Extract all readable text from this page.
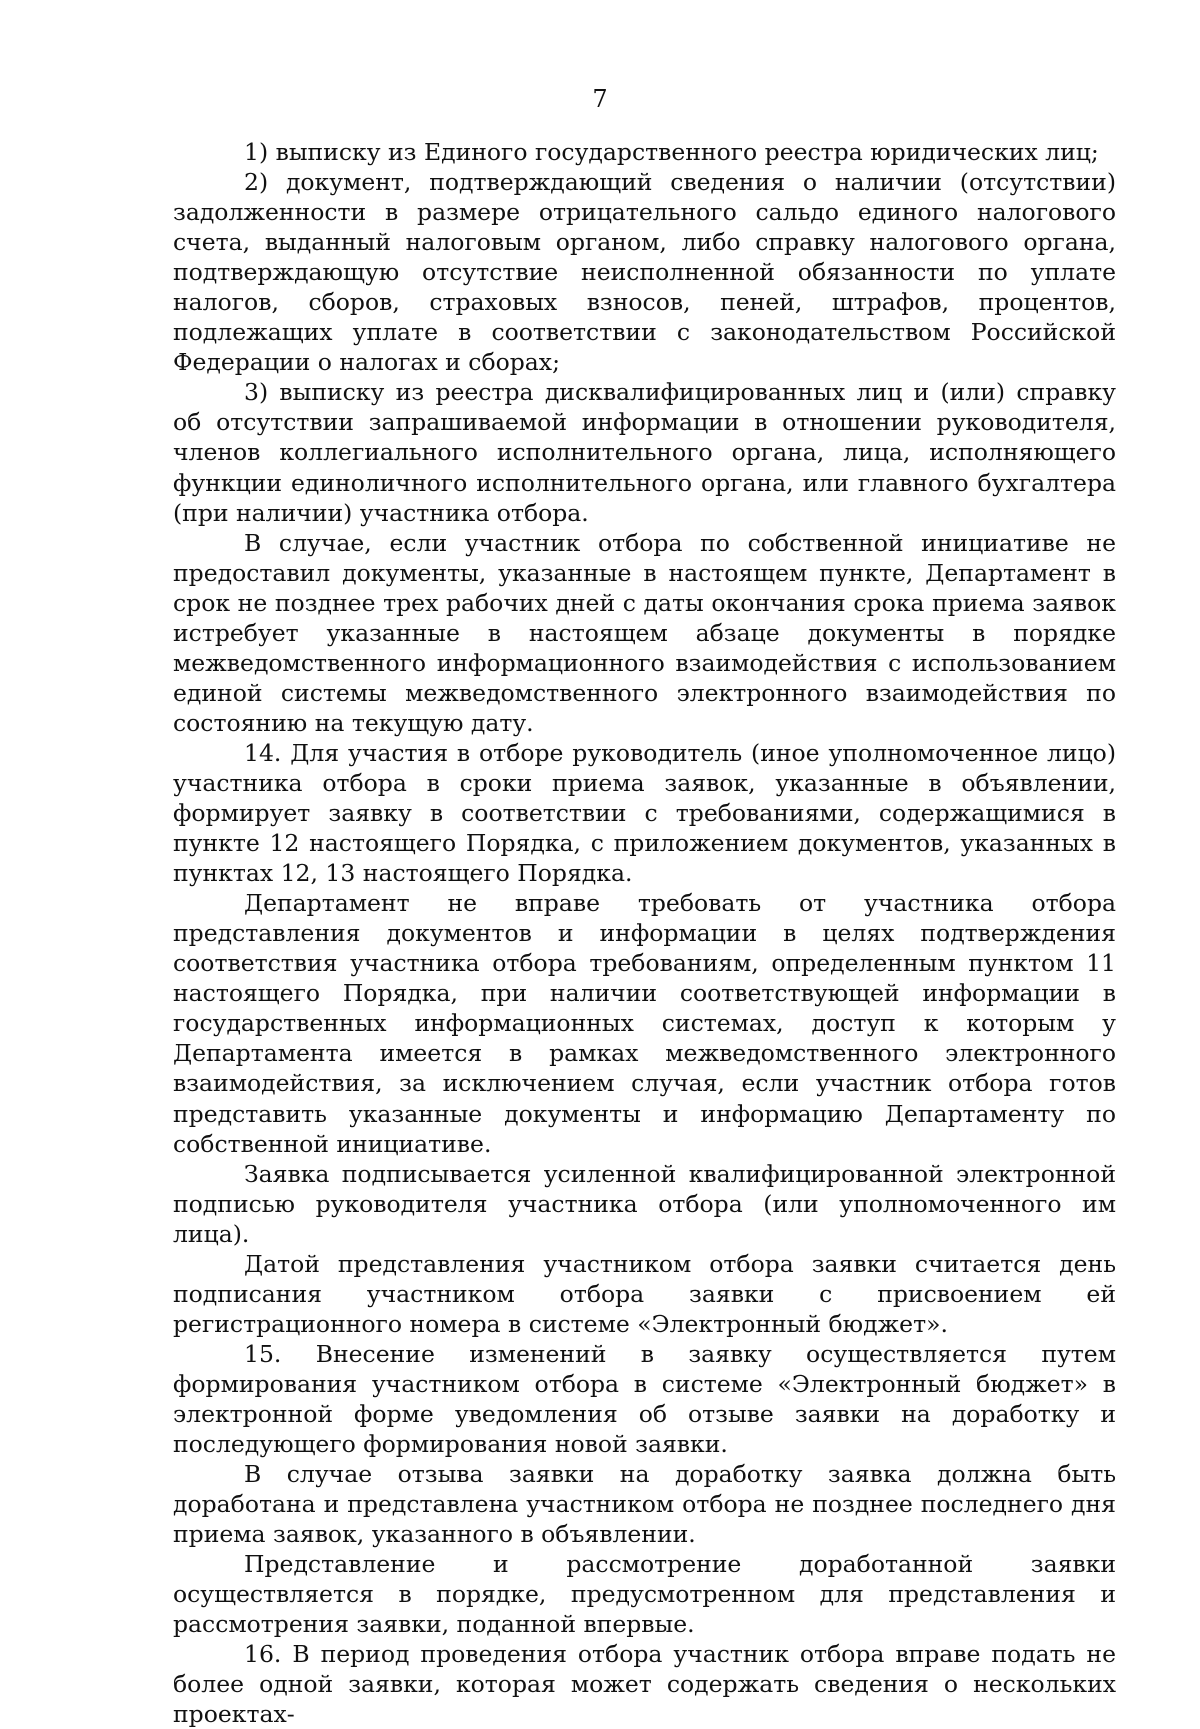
7

1) выписку из Единого государственного реестра юридических лиц;

2) документ, подтверждающий сведения о наличии (отсутствии) задолженности в размере отрицательного сальдо единого налогового счета, выданный налоговым органом, либо справку налогового органа, подтверждающую отсутствие неисполненной обязанности по уплате налогов, сборов, страховых взносов, пеней, штрафов, процентов, подлежащих уплате в соответствии с законодательством Российской Федерации о налогах и сборах;

3) выписку из реестра дисквалифицированных лиц и (или) справку об отсутствии запрашиваемой информации в отношении руководителя, членов коллегиального исполнительного органа, лица, исполняющего функции единоличного исполнительного органа, или главного бухгалтера (при наличии) участника отбора.

В случае, если участник отбора по собственной инициативе не предоставил документы, указанные в настоящем пункте, Департамент в срок не позднее трех рабочих дней с даты окончания срока приема заявок истребует указанные в настоящем абзаце документы в порядке межведомственного информационного взаимодействия с использованием единой системы межведомственного электронного взаимодействия по состоянию на текущую дату.

14. Для участия в отборе руководитель (иное уполномоченное лицо) участника отбора в сроки приема заявок, указанные в объявлении, формирует заявку в соответствии с требованиями, содержащимися в пункте 12 настоящего Порядка, с приложением документов, указанных в пунктах 12, 13 настоящего Порядка.

Департамент не вправе требовать от участника отбора представления документов и информации в целях подтверждения соответствия участника отбора требованиям, определенным пунктом 11 настоящего Порядка, при наличии соответствующей информации в государственных информационных системах, доступ к которым у Департамента имеется в рамках межведомственного электронного взаимодействия, за исключением случая, если участник отбора готов представить указанные документы и информацию Департаменту по собственной инициативе.

Заявка подписывается усиленной квалифицированной электронной подписью руководителя участника отбора (или уполномоченного им лица).

Датой представления участником отбора заявки считается день подписания участником отбора заявки с присвоением ей регистрационного номера в системе «Электронный бюджет».

15. Внесение изменений в заявку осуществляется путем формирования участником отбора в системе «Электронный бюджет» в электронной форме уведомления об отзыве заявки на доработку и последующего формирования новой заявки.

В случае отзыва заявки на доработку заявка должна быть доработана и представлена участником отбора не позднее последнего дня приема заявок, указанного в объявлении.

Представление и рассмотрение доработанной заявки осуществляется в порядке, предусмотренном для представления и рассмотрения заявки, поданной впервые.

16. В период проведения отбора участник отбора вправе подать не более одной заявки, которая может содержать сведения о нескольких проектах-
